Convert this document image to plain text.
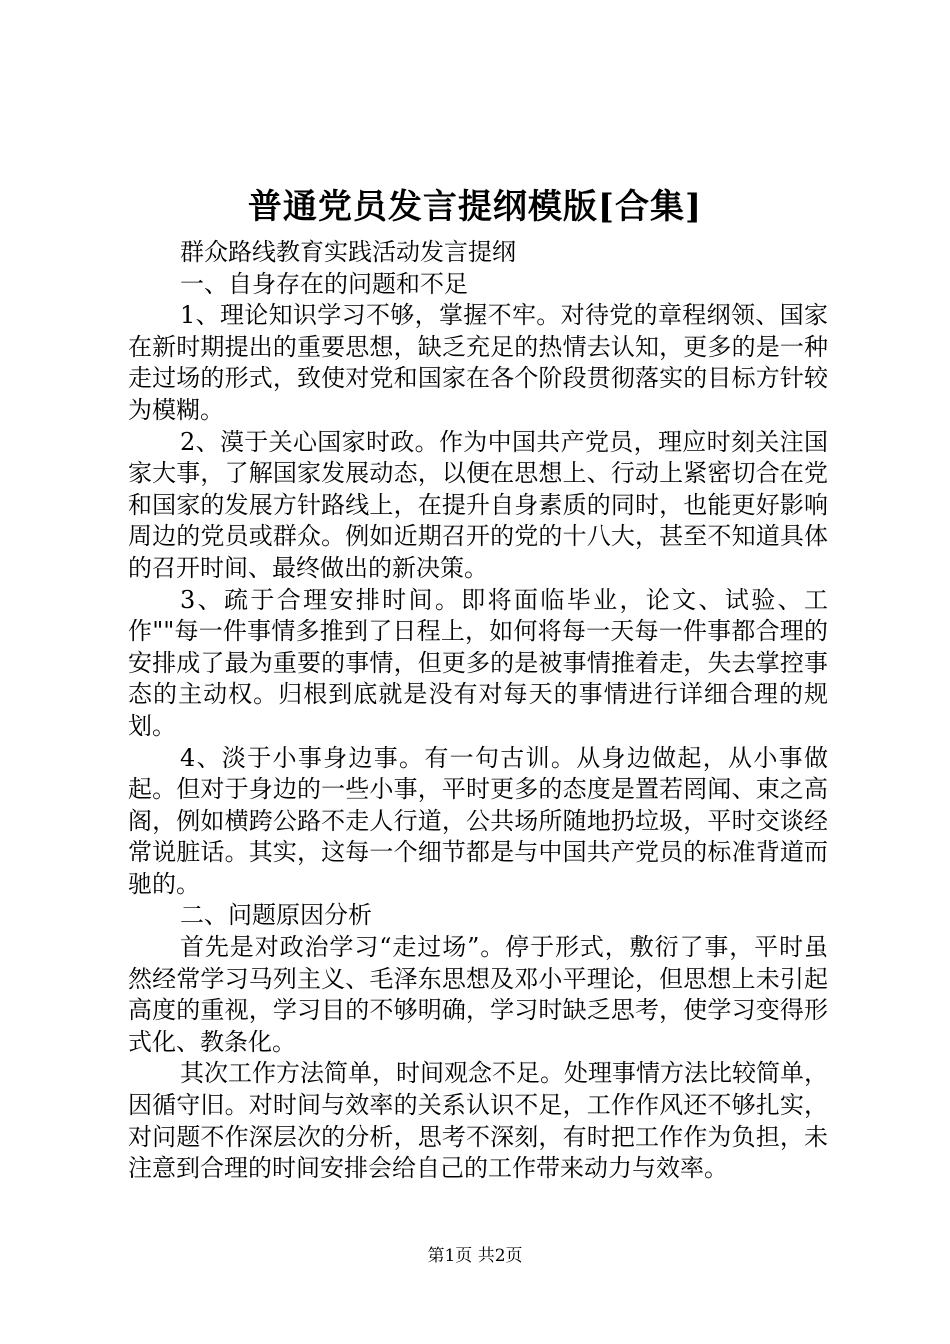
普通党员发言提纲模版[合集]

群众路线教育实践活动发言提纲

一、自身存在的问题和不足

1、理论知识学习不够，掌握不牢。对待党的章程纲领、国家在新时期提出的重要思想，缺乏充足的热情去认知，更多的是一种走过场的形式，致使对党和国家在各个阶段贯彻落实的目标方针较为模糊。

2、漠于关心国家时政。作为中国共产党员，理应时刻关注国家大事，了解国家发展动态，以便在思想上、行动上紧密切合在党和国家的发展方针路线上，在提升自身素质的同时，也能更好影响周边的党员或群众。例如近期召开的党的十八大，甚至不知道具体的召开时间、最终做出的新决策。

3、疏于合理安排时间。即将面临毕业，论文、试验、工作""每一件事情多推到了日程上，如何将每一天每一件事都合理的安排成了最为重要的事情，但更多的是被事情推着走，失去掌控事态的主动权。归根到底就是没有对每天的事情进行详细合理的规划。

4、淡于小事身边事。有一句古训。从身边做起，从小事做起。但对于身边的一些小事，平时更多的态度是置若罔闻、束之高阁，例如横跨公路不走人行道，公共场所随地扔垃圾，平时交谈经常说脏话。其实，这每一个细节都是与中国共产党员的标准背道而驰的。

二、问题原因分析

首先是对政治学习“走过场”。停于形式，敷衍了事，平时虽然经常学习马列主义、毛泽东思想及邓小平理论，但思想上未引起高度的重视，学习目的不够明确，学习时缺乏思考，使学习变得形式化、教条化。

其次工作方法简单，时间观念不足。处理事情方法比较简单，因循守旧。对时间与效率的关系认识不足，工作作风还不够扎实，对问题不作深层次的分析，思考不深刻，有时把工作作为负担，未注意到合理的时间安排会给自己的工作带来动力与效率。

第1页 共2页
